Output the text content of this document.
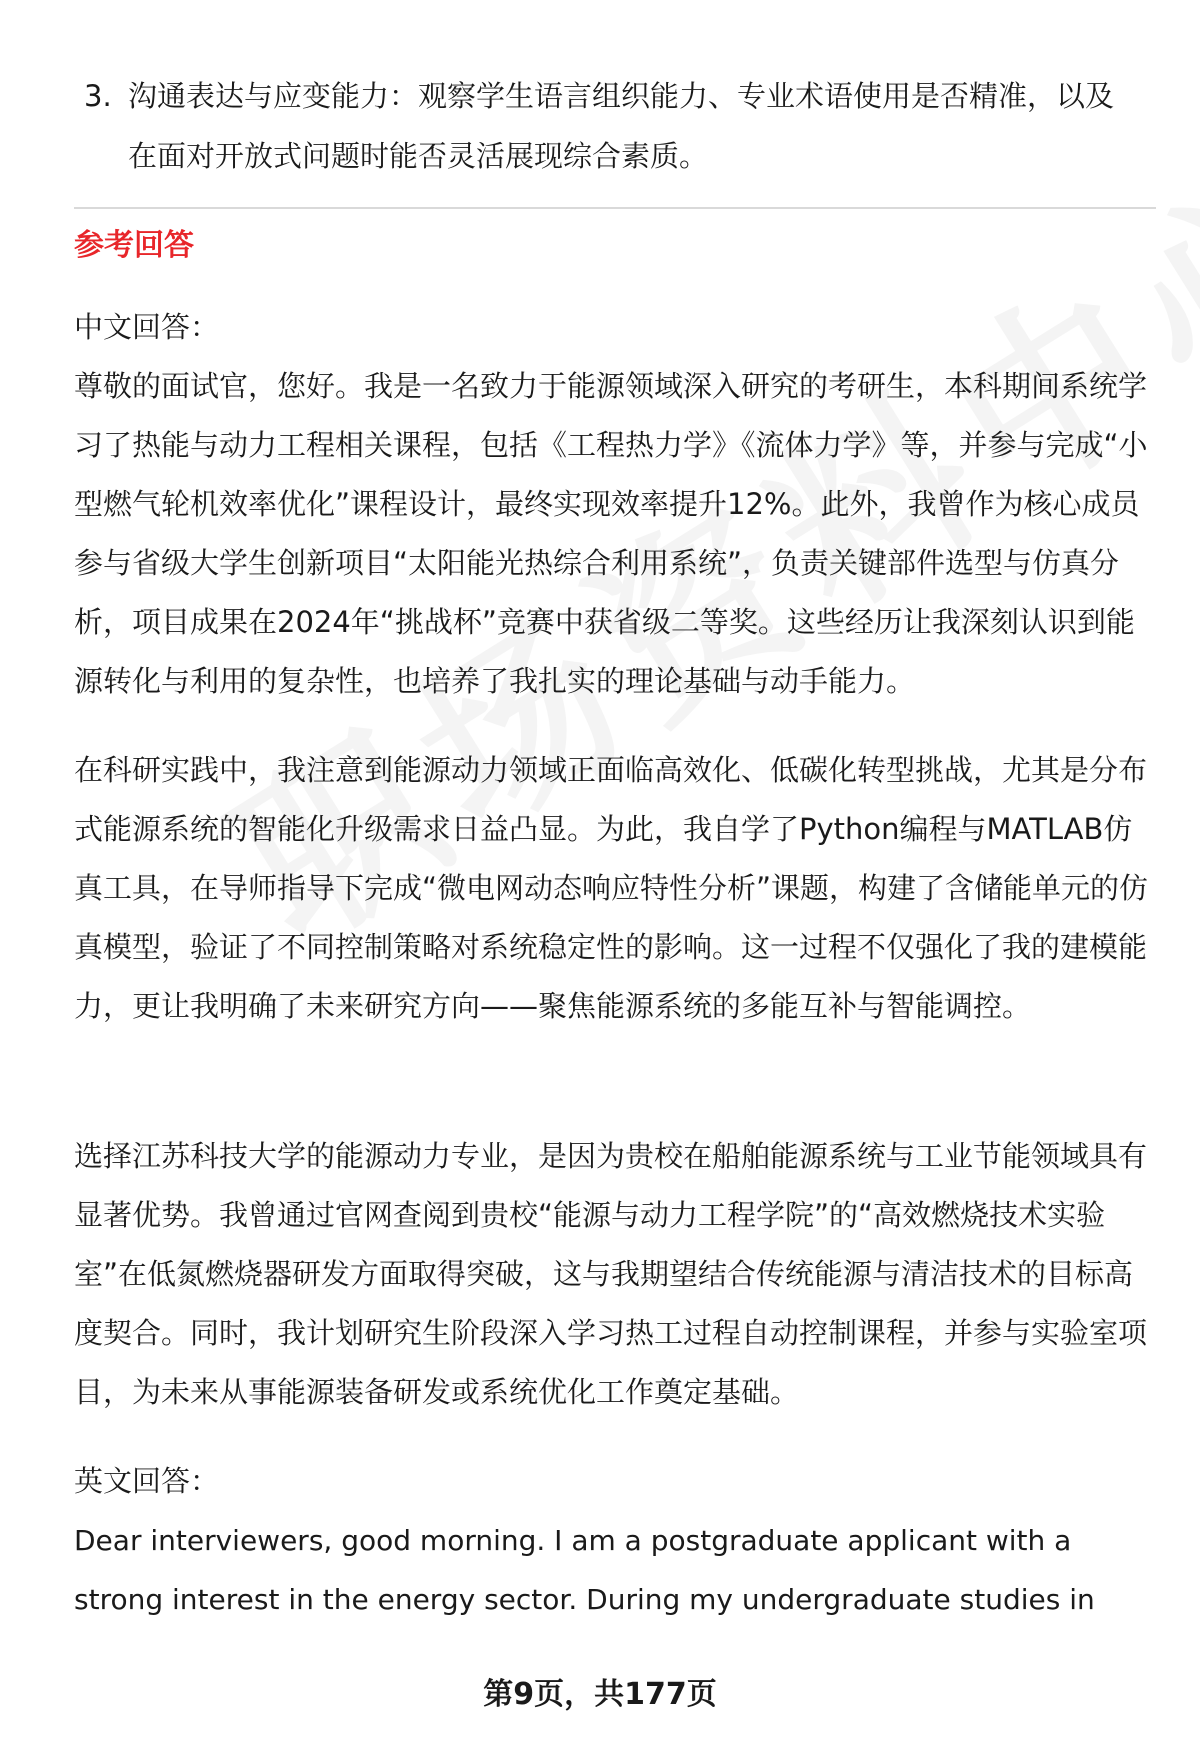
3. 沟通表达与应变能力：观察学生语言组织能力、专业术语使用是否精准，以及在面对开放式问题时能否灵活展现综合素质。
参考回答

中文回答：

尊敬的面试官，您好。我是一名致力于能源领域深入研究的考研生，本科期间系统学习了热能与动力工程相关课程，包括《工程热力学》《流体力学》等，并参与完成“小型燃气轮机效率优化”课程设计，最终实现效率提升12%。此外，我曾作为核心成员参与省级大学生创新项目“太阳能光热综合利用系统”，负责关键部件选型与仿真分析，项目成果在2024年“挑战杯”竞赛中获省级二等奖。这些经历让我深刻认识到能源转化与利用的复杂性，也培养了我扎实的理论基础与动手能力。

在科研实践中，我注意到能源动力领域正面临高效化、低碳化转型挑战，尤其是分布式能源系统的智能化升级需求日益凸显。为此，我自学了Python编程与MATLAB仿真工具，在导师指导下完成“微电网动态响应特性分析”课题，构建了含储能单元的仿真模型，验证了不同控制策略对系统稳定性的影响。这一过程不仅强化了我的建模能力，更让我明确了未来研究方向——聚焦能源系统的多能互补与智能调控。

选择江苏科技大学的能源动力专业，是因为贵校在船舶能源系统与工业节能领域具有显著优势。我曾通过官网查阅到贵校“能源与动力工程学院”的“高效燃烧技术实验室”在低氮燃烧器研发方面取得突破，这与我期望结合传统能源与清洁技术的目标高度契合。同时，我计划研究生阶段深入学习热工过程自动控制课程，并参与实验室项目，为未来从事能源装备研发或系统优化工作奠定基础。

英文回答：

Dear interviewers, good morning. I am a postgraduate applicant with a strong interest in the energy sector. During my undergraduate studies in

第9页，共177页
